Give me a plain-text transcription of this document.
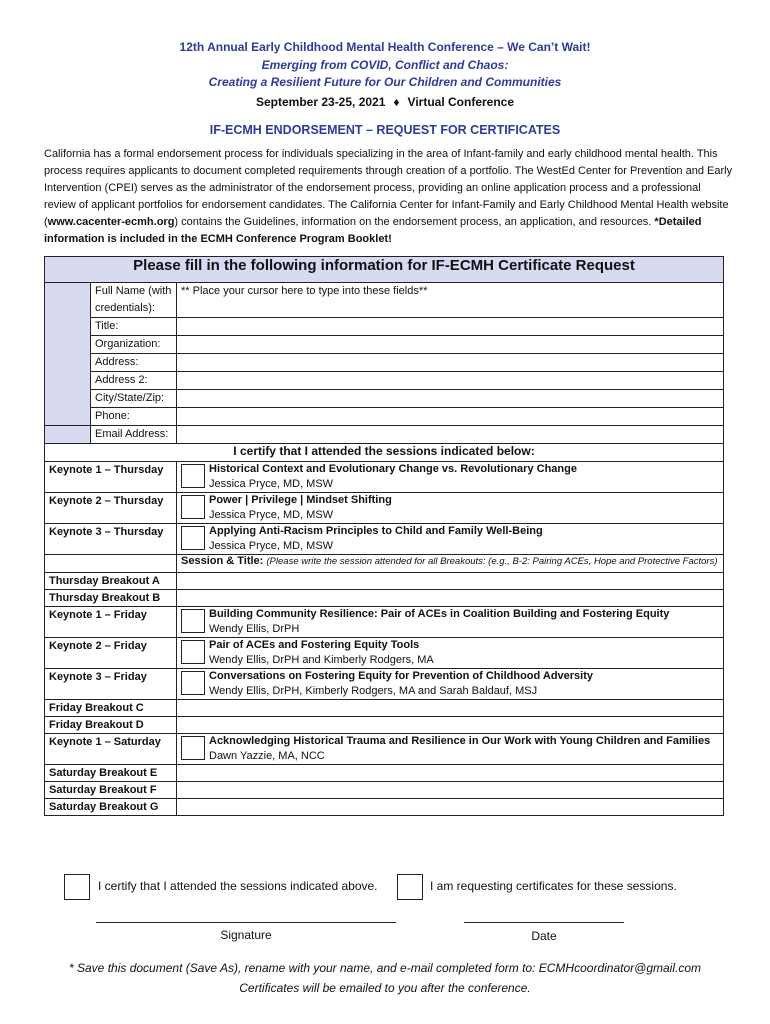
12th Annual Early Childhood Mental Health Conference – We Can’t Wait!
Emerging from COVID, Conflict and Chaos:
Creating a Resilient Future for Our Children and Communities
September 23-25, 2021 ♦ Virtual Conference
IF-ECMH ENDORSEMENT – REQUEST FOR CERTIFICATES
California has a formal endorsement process for individuals specializing in the area of Infant-family and early childhood mental health. This process requires applicants to document completed requirements through creation of a portfolio. The WestEd Center for Prevention and Early Intervention (CPEI) serves as the administrator of the endorsement process, providing an online application process and a professional review of applicant portfolios for endorsement candidates. The California Center for Infant-Family and Early Childhood Mental Health website (www.cacenter-ecmh.org) contains the Guidelines, information on the endorsement process, an application, and resources. *Detailed information is included in the ECMH Conference Program Booklet!
Please fill in the following information for IF-ECMH Certificate Request		
	Full Name (with credentials):	** Place your cursor here to type into these fields**

	Title:	
	Organization:	
	Address:	
	Address 2:	
	City/State/Zip:	
	Phone:	
	Email Address:	
I certify that I attended the sessions indicated below:		
Keynote 1 – Thursday		Historical Context and Evolutionary Change vs. Revolutionary Change
Jessica Pryce, MD, MSW

Keynote 2 – Thursday		Power | Privilege | Mindset Shifting
Jessica Pryce, MD, MSW

Keynote 3 – Thursday		Applying Anti-Racism Principles to Child and Family Well-Being
Jessica Pryce, MD, MSW

		Session & Title: (Please write the session attended for all Breakouts: (e.g., B-2: Pairing ACEs, Hope and Protective Factors)
Thursday Breakout A		
Thursday Breakout B		
Keynote 1 – Friday		Building Community Resilience: Pair of ACEs in Coalition Building and Fostering Equity
Wendy Ellis, DrPH

Keynote 2 – Friday		Pair of ACEs and Fostering Equity Tools
Wendy Ellis, DrPH and Kimberly Rodgers, MA

Keynote 3 – Friday		Conversations on Fostering Equity for Prevention of Childhood Adversity
Wendy Ellis, DrPH, Kimberly Rodgers, MA and Sarah Baldauf, MSJ

Friday Breakout C		
Friday Breakout D		
Keynote 1 – Saturday		Acknowledging Historical Trauma and Resilience in Our Work with Young Children and Families
Dawn Yazzie, MA, NCC

Saturday Breakout E		
Saturday Breakout F		
Saturday Breakout G		
I certify that I attended the sessions indicated above.	I am requesting certificates for these sessions.
Signature	Date
* Save this document (Save As), rename with your name, and e-mail completed form to: ECMHcoordinator@gmail.com
Certificates will be emailed to you after the conference.
